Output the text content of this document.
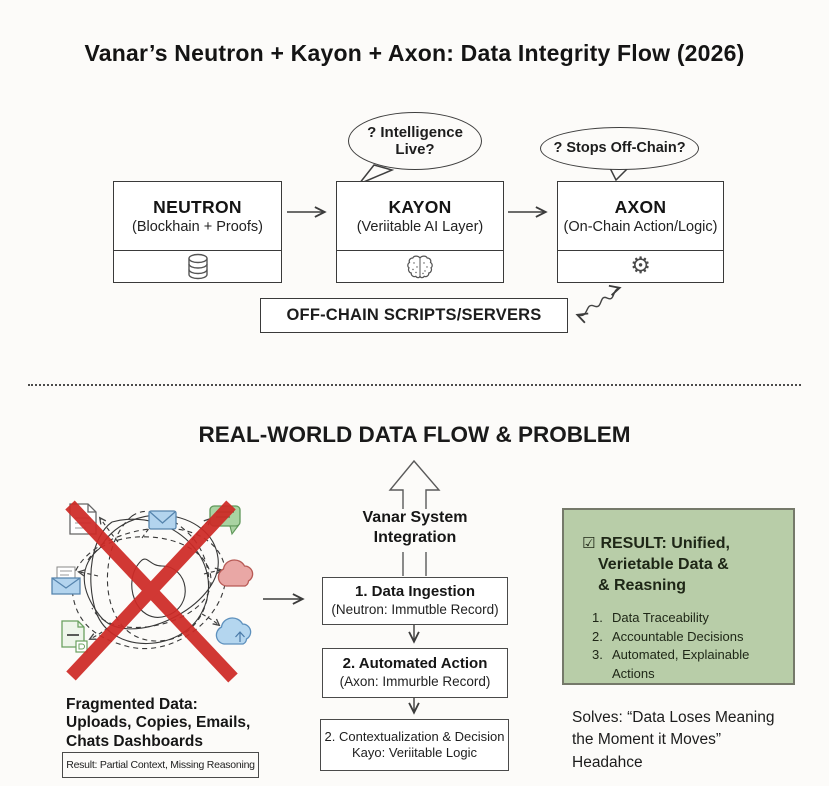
Vanar’s Neutron + Kayon + Axon: Data Integrity Flow (2026)
? Intelligence Live?	? Stops Off-Chain?
NEUTRON
(Blockhain + Proofs)
KAYON
(Veriitable AI Layer)
AXON
(On-Chain Action/Logic)
⚙
OFF-CHAIN SCRIPTS/SERVERS
REAL-WORLD DATA FLOW & PROBLEM
Vanar System Integration
1. Data Ingestion
(Neutron: Immutble Record)
2. Automated Action
(Axon: Immurble Record)
2. Contextualization & Decision
Kayo: Veriitable Logic
☑ RESULT: Unified,
Verietable Data &
& Reasning
1. Data Traceability
2. Accountable Decisions
3. Automated, Explainable Actions
Fragmented Data:
Uploads, Copies, Emails,
Chats Dashboards
Result: Partial Context, Missing Reasoning
Solves: “Data Loses Meaning
the Moment it Moves”
Headahce
